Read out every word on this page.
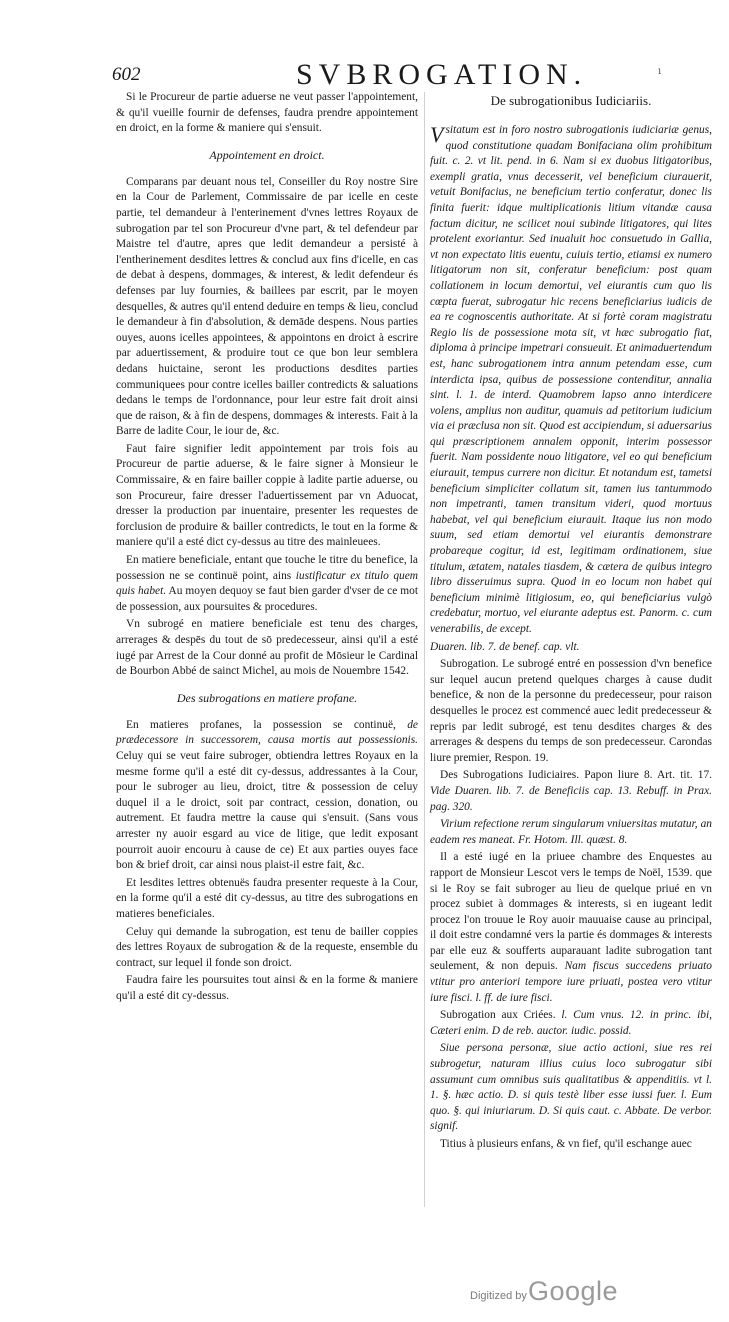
602	SVBROGATION.	ı

Si le Procureur de partie aduerse ne veut passer l'appointement, & qu'il vueille fournir de defenses, faudra prendre appointement en droict, en la forme & maniere qui s'ensuit.

Appointement en droict.

Comparans par deuant nous tel, Conseiller du Roy nostre Sire en la Cour de Parlement, Commissaire de par icelle en ceste partie, tel demandeur à l'enterinement d'vnes lettres Royaux de subrogation par tel son Procureur d'vne part, & tel defendeur par Maistre tel d'autre, apres que ledit demandeur a persisté à l'entherinement desdites lettres & conclud aux fins d'icelle, en cas de debat à despens, dommages, & interest, & ledit defendeur és defenses par luy fournies, & baillees par escrit, par le moyen desquelles, & autres qu'il entend deduire en temps & lieu, conclud le demandeur à fin d'absolution, & demāde despens. Nous parties ouyes, auons icelles appointees, & appointons en droict à escrire par aduertissement, & produire tout ce que bon leur semblera dedans huictaine, seront les productions desdites parties communiquees pour contre icelles bailler contredicts & saluations dedans le temps de l'ordonnance, pour leur estre fait droit ainsi que de raison, & à fin de despens, dommages & interests. Fait à la Barre de ladite Cour, le iour de, &c.

Faut faire signifier ledit appointement par trois fois au Procureur de partie aduerse, & le faire signer à Monsieur le Commissaire, & en faire bailler coppie à ladite partie aduerse, ou son Procureur, faire dresser l'aduertissement par vn Aduocat, dresser la production par inuentaire, presenter les requestes de forclusion de produire & bailler contredicts, le tout en la forme & maniere qu'il a esté dict cy-dessus au titre des mainleuees.

En matiere beneficiale, entant que touche le titre du benefice, la possession ne se continuë point, ains iustificatur ex titulo quem quis habet. Au moyen dequoy se faut bien garder d'vser de ce mot de possession, aux poursuites & procedures.

Vn subrogé en matiere beneficiale est tenu des charges, arrerages & despēs du tout de sō predecesseur, ainsi qu'il a esté iugé par Arrest de la Cour donné au profit de Mōsieur le Cardinal de Bourbon Abbé de sainct Michel, au mois de Nouembre 1542.

Des subrogations en matiere profane.

En matieres profanes, la possession se continuë, de prædecessore in successorem, causa mortis aut possessionis. Celuy qui se veut faire subroger, obtiendra lettres Royaux en la mesme forme qu'il a esté dit cy-dessus, addressantes à la Cour, pour le subroger au lieu, droict, titre & possession de celuy duquel il a le droict, soit par contract, cession, donation, ou autrement. Et faudra mettre la cause qui s'ensuit. (Sans vous arrester ny auoir esgard au vice de litige, que ledit exposant pourroit auoir encouru à cause de ce) Et aux parties ouyes face bon & brief droit, car ainsi nous plaist-il estre fait, &c.

Et lesdites lettres obtenuës faudra presenter requeste à la Cour, en la forme qu'il a esté dit cy-dessus, au titre des subrogations en matieres beneficiales.

Celuy qui demande la subrogation, est tenu de bailler coppies des lettres Royaux de subrogation & de la requeste, ensemble du contract, sur lequel il fonde son droict.

Faudra faire les poursuites tout ainsi & en la forme & maniere qu'il a esté dit cy-dessus.

De subrogationibus Iudiciariis.

Vsitatum est in foro nostro subrogationis iudiciariæ genus, quod constitutione quadam Bonifaciana olim prohibitum fuit. c. 2. vt lit. pend. in 6. Nam si ex duobus litigatoribus, exempli gratia, vnus decesserit, vel beneficium ciurauerit, vetuit Bonifacius, ne beneficium tertio conferatur, donec lis finita fuerit: idque multiplicationis litium vitandæ causa factum dicitur, ne scilicet noui subinde litigatores, qui lites protelent exoriantur. Sed inualuit hoc consuetudo in Gallia, vt non expectato litis euentu, cuiuis tertio, etiamsi ex numero litigatorum non sit, conferatur beneficium: post quam collationem in locum demortui, vel eiurantis cum quo lis cœpta fuerat, subrogatur hic recens beneficiarius iudicis de ea re cognoscentis authoritate. At si fortè coram magistratu Regio lis de possessione mota sit, vt hæc subrogatio fiat, diploma à principe impetrari consueuit. Et animaduertendum est, hanc subrogationem intra annum petendam esse, cum interdicta ipsa, quibus de possessione contenditur, annalia sint. l. 1. de interd. Quamobrem lapso anno interdicere volens, amplius non auditur, quamuis ad petitorium iudicium via ei præclusa non sit. Quod est accipiendum, si aduersarius qui præscriptionem annalem opponit, interim possessor fuerit. Nam possidente nouo litigatore, vel eo qui beneficium eiurauit, tempus currere non dicitur. Et notandum est, tametsi beneficium simpliciter collatum sit, tamen ius tantummodo non impetranti, tamen transitum videri, quod mortuus habebat, vel qui beneficium eiurauit. Itaque ius non modo suum, sed etiam demortui vel eiurantis demonstrare probareque cogitur, id est, legitimam ordinationem, siue titulum, ætatem, natales tiasdem, & cætera de quibus integro libro disseruimus supra. Quod in eo locum non habet qui beneficium minimè litigiosum, eo, qui beneficiarius vulgò credebatur, mortuo, vel eiurante adeptus est. Panorm. c. cum venerabilis, de except.

Duaren. lib. 7. de benef. cap. vlt.

Subrogation. Le subrogé entré en possession d'vn benefice sur lequel aucun pretend quelques charges à cause dudit benefice, & non de la personne du predecesseur, pour raison desquelles le procez est commencé auec ledit predecesseur & repris par ledit subrogé, est tenu desdites charges & des arrerages & despens du temps de son predecesseur. Carondas liure premier, Respon. 19.

Des Subrogations Iudiciaires. Papon liure 8. Art. tit. 17. Vide Duaren. lib. 7. de Beneficiis cap. 13. Rebuff. in Prax. pag. 320.

Virium refectione rerum singularum vniuersitas mutatur, an eadem res maneat. Fr. Hotom. Ill. quæst. 8.

Il a esté iugé en la priuee chambre des Enquestes au rapport de Monsieur Lescot vers le temps de Noël, 1539. que si le Roy se fait subroger au lieu de quelque priué en vn procez subiet à dommages & interests, si en iugeant ledit procez l'on trouue le Roy auoir mauuaise cause au principal, il doit estre condamné vers la partie és dommages & interests par elle euz & soufferts auparauant ladite subrogation tant seulement, & non depuis. Nam fiscus succedens priuato vtitur pro anteriori tempore iure priuati, postea vero vtitur iure fisci. l. ff. de iure fisci.

Subrogation aux Criées. l. Cum vnus. 12. in princ. ibi, Cæteri enim. D de reb. auctor. iudic. possid.

Siue persona personæ, siue actio actioni, siue res rei subrogetur, naturam illius cuius loco subrogatur sibi assumunt cum omnibus suis qualitatibus & appenditiis. vt l. 1. §. hæc actio. D. si quis testè liber esse iussi fuer. l. Eum quo. §. qui iniuriarum. D. Si quis caut. c. Abbate. De verbor. signif.

Titius à plusieurs enfans, & vn fief, qu'il eschange auec

Digitized by Google
